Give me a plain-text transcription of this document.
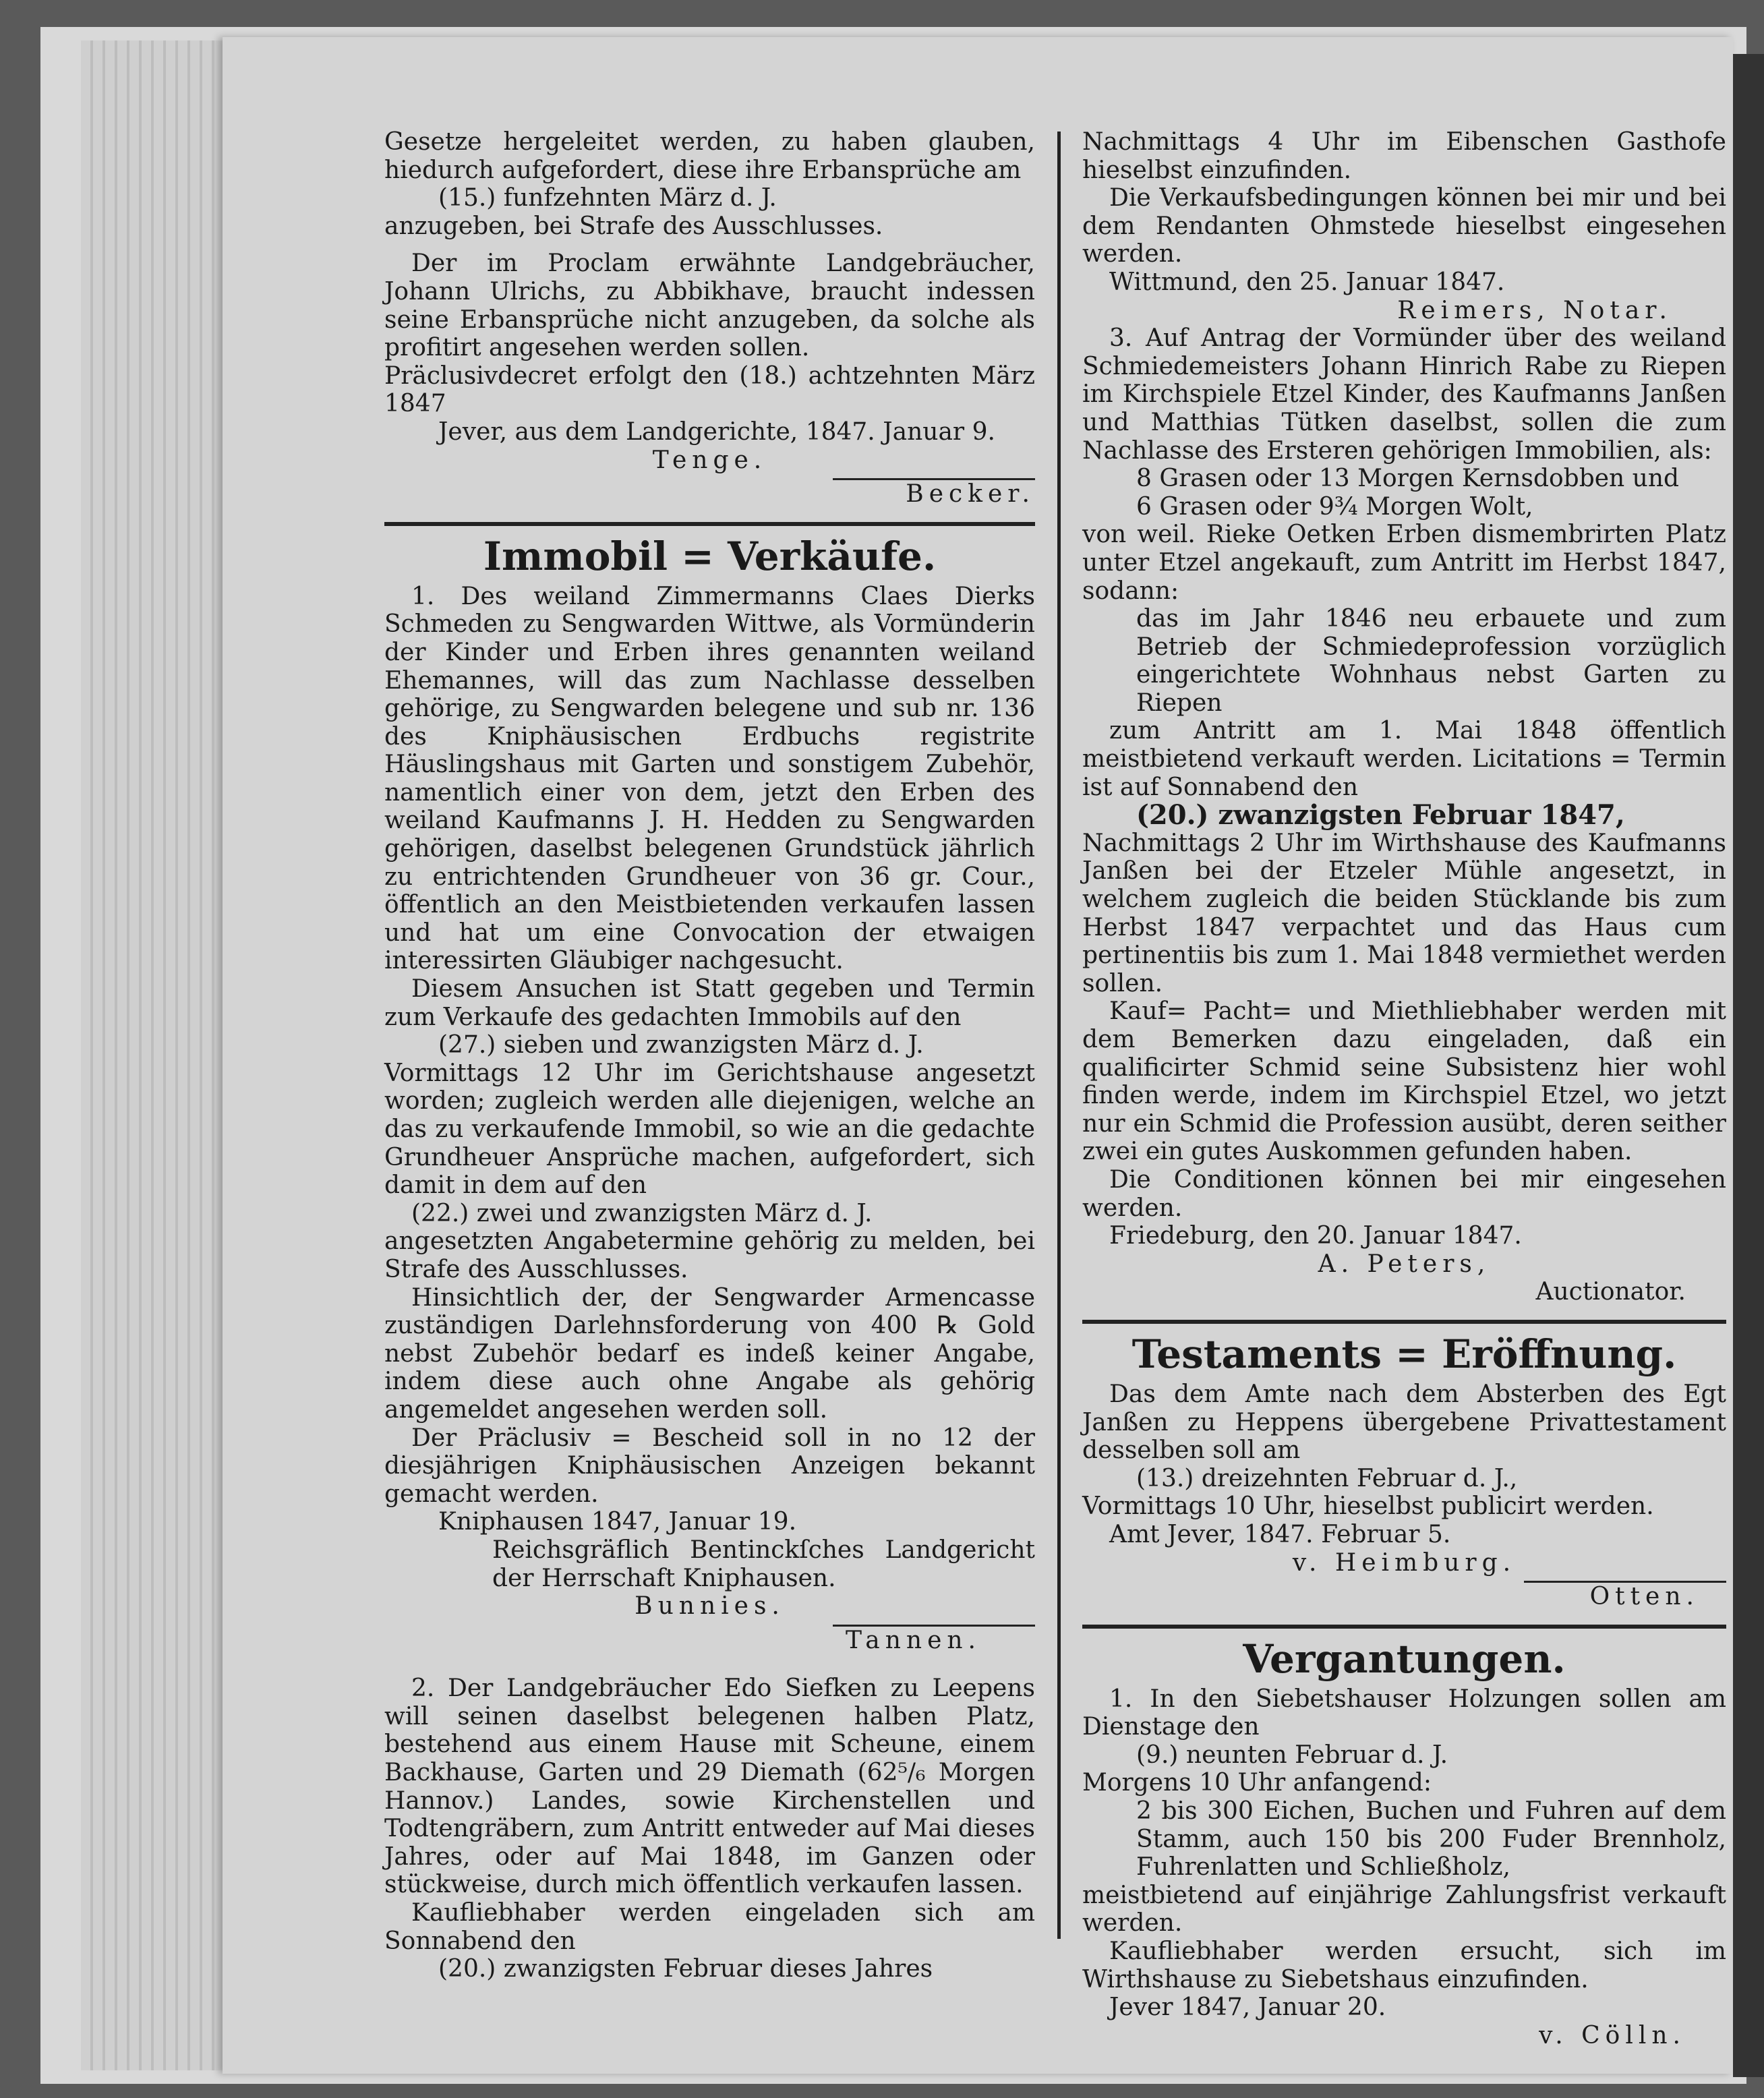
Gesetze hergeleitet werden, zu haben glauben, hiedurch aufgefordert, diese ihre Erbansprüche am

(15.) funfzehnten März d. J.

anzugeben, bei Strafe des Ausschlusses.

Der im Proclam erwähnte Landgebräucher, Johann Ulrichs, zu Abbikhave, braucht indessen seine Erbansprüche nicht anzugeben, da solche als profitirt angesehen werden sollen.

Präclusivdecret erfolgt den (18.) achtzehnten März 1847

Jever, aus dem Landgerichte, 1847. Januar 9.

Tenge.

Becker.

Immobil = Verkäufe.

1. Des weiland Zimmermanns Claes Dierks Schmeden zu Sengwarden Wittwe, als Vormünderin der Kinder und Erben ihres genannten weiland Ehemannes, will das zum Nachlasse desselben gehörige, zu Sengwarden belegene und sub nr. 136 des Kniphäusischen Erdbuchs registrite Häuslingshaus mit Garten und sonstigem Zubehör, namentlich einer von dem, jetzt den Erben des weiland Kaufmanns J. H. Hedden zu Sengwarden gehörigen, daselbst belegenen Grundstück jährlich zu entrichtenden Grundheuer von 36 gr. Cour., öffentlich an den Meistbietenden verkaufen lassen und hat um eine Convocation der etwaigen interessirten Gläubiger nachgesucht.

Diesem Ansuchen ist Statt gegeben und Termin zum Verkaufe des gedachten Immobils auf den

(27.) sieben und zwanzigsten März d. J.

Vormittags 12 Uhr im Gerichtshause angesetzt worden; zugleich werden alle diejenigen, welche an das zu verkaufende Immobil, so wie an die gedachte Grundheuer Ansprüche machen, aufgefordert, sich damit in dem auf den

(22.) zwei und zwanzigsten März d. J.

angesetzten Angabetermine gehörig zu melden, bei Strafe des Ausschlusses.

Hinsichtlich der, der Sengwarder Armencasse zuständigen Darlehnsforderung von 400 ℞ Gold nebst Zubehör bedarf es indeß keiner Angabe, indem diese auch ohne Angabe als gehörig angemeldet angesehen werden soll.

Der Präclusiv = Bescheid soll in no 12 der diesjährigen Kniphäusischen Anzeigen bekannt gemacht werden.

Kniphausen 1847, Januar 19.

Reichsgräflich Bentinckſches Landgericht der Herrschaft Kniphausen.

Bunnies.

Tannen.

2. Der Landgebräucher Edo Siefken zu Leepens will seinen daselbst belegenen halben Platz, bestehend aus einem Hause mit Scheune, einem Backhause, Garten und 29 Diemath (62⁵/₆ Morgen Hannov.) Landes, sowie Kirchenstellen und Todtengräbern, zum Antritt entweder auf Mai dieses Jahres, oder auf Mai 1848, im Ganzen oder stückweise, durch mich öffentlich verkaufen lassen.

Kaufliebhaber werden eingeladen sich am Sonnabend den

(20.) zwanzigsten Februar dieses Jahres

Nachmittags 4 Uhr im Eibenschen Gasthofe hieselbst einzufinden.

Die Verkaufsbedingungen können bei mir und bei dem Rendanten Ohmstede hieselbst eingesehen werden.

Wittmund, den 25. Januar 1847.

Reimers, Notar.

3. Auf Antrag der Vormünder über des weiland Schmiedemeisters Johann Hinrich Rabe zu Riepen im Kirchspiele Etzel Kinder, des Kaufmanns Janßen und Matthias Tütken daselbst, sollen die zum Nachlasse des Ersteren gehörigen Immobilien, als:

8 Grasen oder 13 Morgen Kernsdobben und

6 Grasen oder 9¾ Morgen Wolt,

von weil. Rieke Oetken Erben dismembrirten Platz unter Etzel angekauft, zum Antritt im Herbst 1847, sodann:

das im Jahr 1846 neu erbauete und zum Betrieb der Schmiedeprofession vorzüglich eingerichtete Wohnhaus nebst Garten zu Riepen

zum Antritt am 1. Mai 1848 öffentlich meistbietend verkauft werden. Licitations = Termin ist auf Sonnabend den

(20.) zwanzigsten Februar 1847,

Nachmittags 2 Uhr im Wirthshause des Kaufmanns Janßen bei der Etzeler Mühle angesetzt, in welchem zugleich die beiden Stücklande bis zum Herbst 1847 verpachtet und das Haus cum pertinentiis bis zum 1. Mai 1848 vermiethet werden sollen.

Kauf= Pacht= und Miethliebhaber werden mit dem Bemerken dazu eingeladen, daß ein qualificirter Schmid seine Subsistenz hier wohl finden werde, indem im Kirchspiel Etzel, wo jetzt nur ein Schmid die Profession ausübt, deren seither zwei ein gutes Auskommen gefunden haben.

Die Conditionen können bei mir eingesehen werden.

Friedeburg, den 20. Januar 1847.

A. Peters,

Auctionator.

Testaments = Eröffnung.

Das dem Amte nach dem Absterben des Egt Janßen zu Heppens übergebene Privattestament desselben soll am

(13.) dreizehnten Februar d. J.,

Vormittags 10 Uhr, hieselbst publicirt werden.

Amt Jever, 1847. Februar 5.

v. Heimburg.

Otten.

Vergantungen.

1. In den Siebetshauser Holzungen sollen am Dienstage den

(9.) neunten Februar d. J.

Morgens 10 Uhr anfangend:

2 bis 300 Eichen, Buchen und Fuhren auf dem Stamm, auch 150 bis 200 Fuder Brennholz, Fuhrenlatten und Schließholz,

meistbietend auf einjährige Zahlungsfrist verkauft werden.

Kaufliebhaber werden ersucht, sich im Wirthshause zu Siebetshaus einzufinden.

Jever 1847, Januar 20.

v. Cölln.
